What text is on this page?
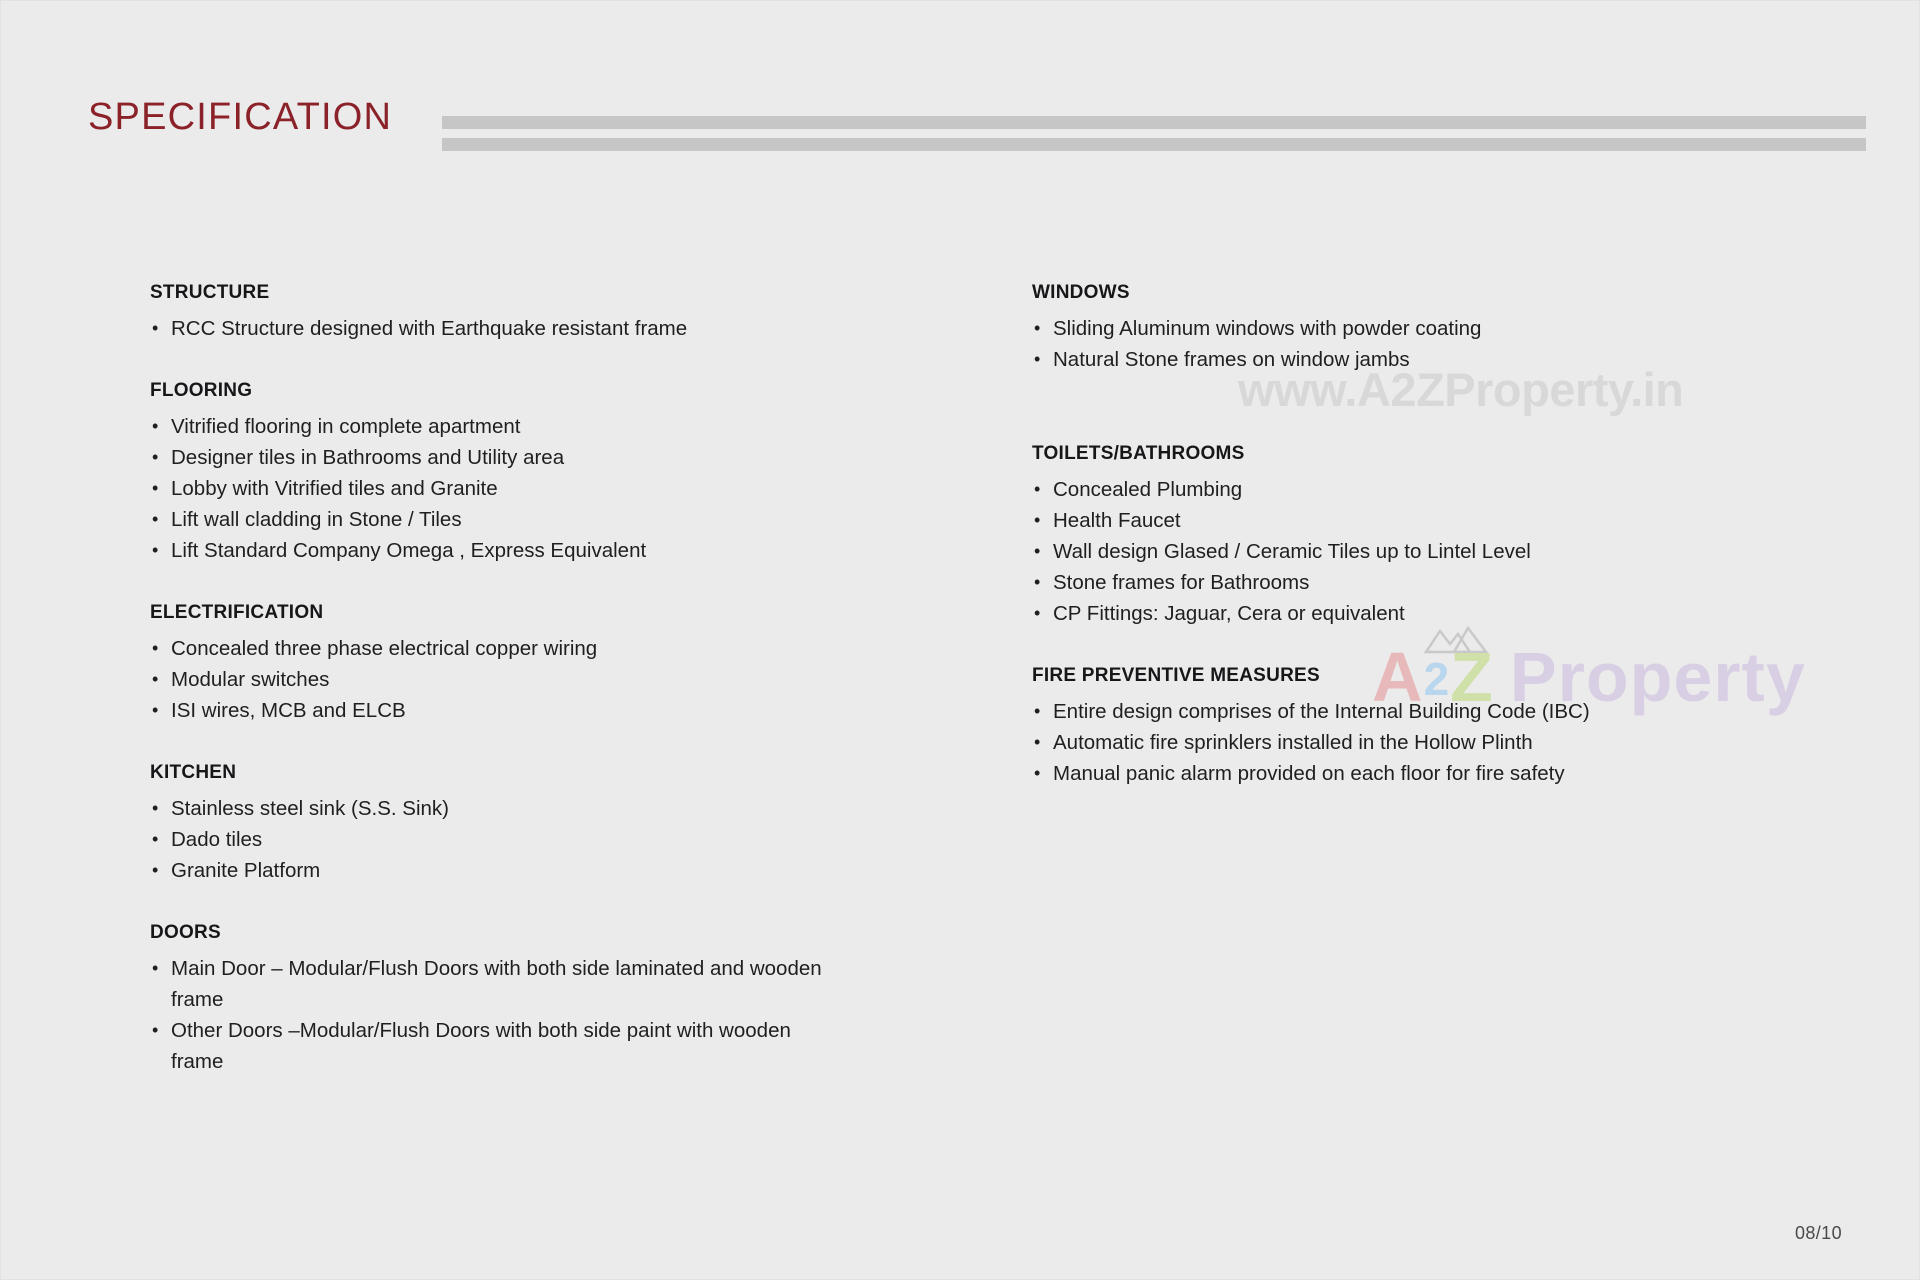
SPECIFICATION
STRUCTURE
• RCC Structure designed with Earthquake resistant frame
FLOORING
• Vitrified flooring in complete apartment
• Designer tiles in Bathrooms and Utility area
• Lobby with Vitrified tiles and Granite
• Lift wall cladding in Stone / Tiles
• Lift Standard Company Omega , Express Equivalent
ELECTRIFICATION
• Concealed three phase electrical copper wiring
• Modular switches
• ISI wires, MCB and ELCB
KITCHEN
• Stainless steel sink (S.S. Sink)
• Dado tiles
• Granite Platform
DOORS
• Main Door – Modular/Flush Doors with both side laminated and wooden frame
• Other Doors –Modular/Flush Doors with both side paint with wooden frame
WINDOWS
• Sliding Aluminum windows with powder coating
• Natural Stone frames on window jambs
TOILETS/BATHROOMS
• Concealed Plumbing
• Health Faucet
• Wall design Glased / Ceramic Tiles up to Lintel Level
• Stone frames for Bathrooms
• CP Fittings: Jaguar, Cera or equivalent
FIRE PREVENTIVE MEASURES
• Entire design comprises of the Internal Building Code (IBC)
• Automatic fire sprinklers installed in the Hollow Plinth
• Manual panic alarm provided on each floor for fire safety
www.A2ZProperty.in
A2Z Property
08/10
